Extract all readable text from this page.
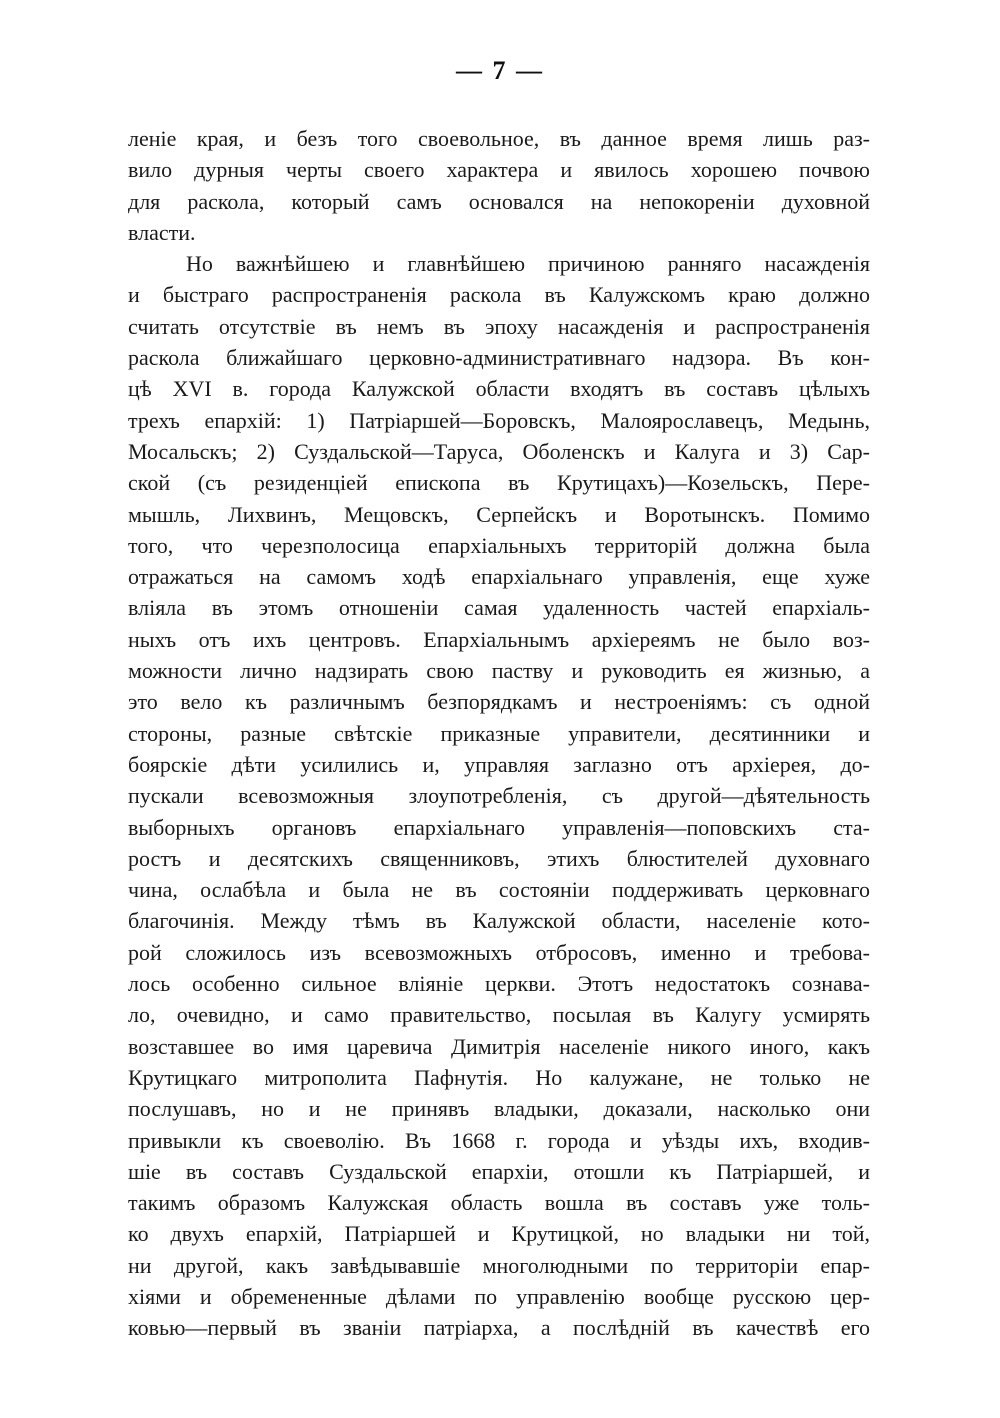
— 7 —
леніе края, и безъ того своевольное, въ данное время лишь раз-
вило дурныя черты своего характера и явилось хорошею почвою
для раскола, который самъ основался на непокореніи духовной
власти.
Но важнѣйшею и главнѣйшею причиною ранняго насажденія
и быстраго распространенія раскола въ Калужскомъ краю должно
считать отсутствіе въ немъ въ эпоху насажденія и распространенія
раскола ближайшаго церковно-административнаго надзора. Въ кон-
цѣ XVI в. города Калужской области входятъ въ составъ цѣлыхъ
трехъ епархій: 1) Патріаршей—Боровскъ, Малоярославецъ, Медынь,
Мосальскъ; 2) Суздальской—Таруса, Оболенскъ и Калуга и 3) Сар-
ской (съ резиденціей епископа въ Крутицахъ)—Козельскъ, Пере-
мышль, Лихвинъ, Мещовскъ, Серпейскъ и Воротынскъ. Помимо
того, что черезполосица епархіальныхъ территорій должна была
отражаться на самомъ ходѣ епархіальнаго управленія, еще хуже
вліяла въ этомъ отношеніи самая удаленность частей епархіаль-
ныхъ отъ ихъ центровъ. Епархіальнымъ архіереямъ не было воз-
можности лично надзирать свою паству и руководить ея жизнью, а
это вело къ различнымъ безпорядкамъ и нестроеніямъ: съ одной
стороны, разные свѣтскіе приказные управители, десятинники и
боярскіе дѣти усилились и, управляя заглазно отъ архіерея, до-
пускали всевозможныя злоупотребленія, съ другой—дѣятельность
выборныхъ органовъ епархіальнаго управленія—поповскихъ ста-
ростъ и десятскихъ священниковъ, этихъ блюстителей духовнаго
чина, ослабѣла и была не въ состояніи поддерживать церковнаго
благочинія. Между тѣмъ въ Калужской области, населеніе кото-
рой сложилось изъ всевозможныхъ отбросовъ, именно и требова-
лось особенно сильное вліяніе церкви. Этотъ недостатокъ сознава-
ло, очевидно, и само правительство, посылая въ Калугу усмирять
возставшее во имя царевича Димитрія населеніе никого иного, какъ
Крутицкаго митрополита Пафнутія. Но калужане, не только не
послушавъ, но и не принявъ владыки, доказали, насколько они
привыкли къ своеволію. Въ 1668 г. города и уѣзды ихъ, входив-
шіе въ составъ Суздальской епархіи, отошли къ Патріаршей, и
такимъ образомъ Калужская область вошла въ составъ уже толь-
ко двухъ епархій, Патріаршей и Крутицкой, но владыки ни той,
ни другой, какъ завѣдывавшіе многолюдными по территоріи епар-
хіями и обремененные дѣлами по управленію вообще русскою цер-
ковью—первый въ званіи патріарха, а послѣдній въ качествѣ его
